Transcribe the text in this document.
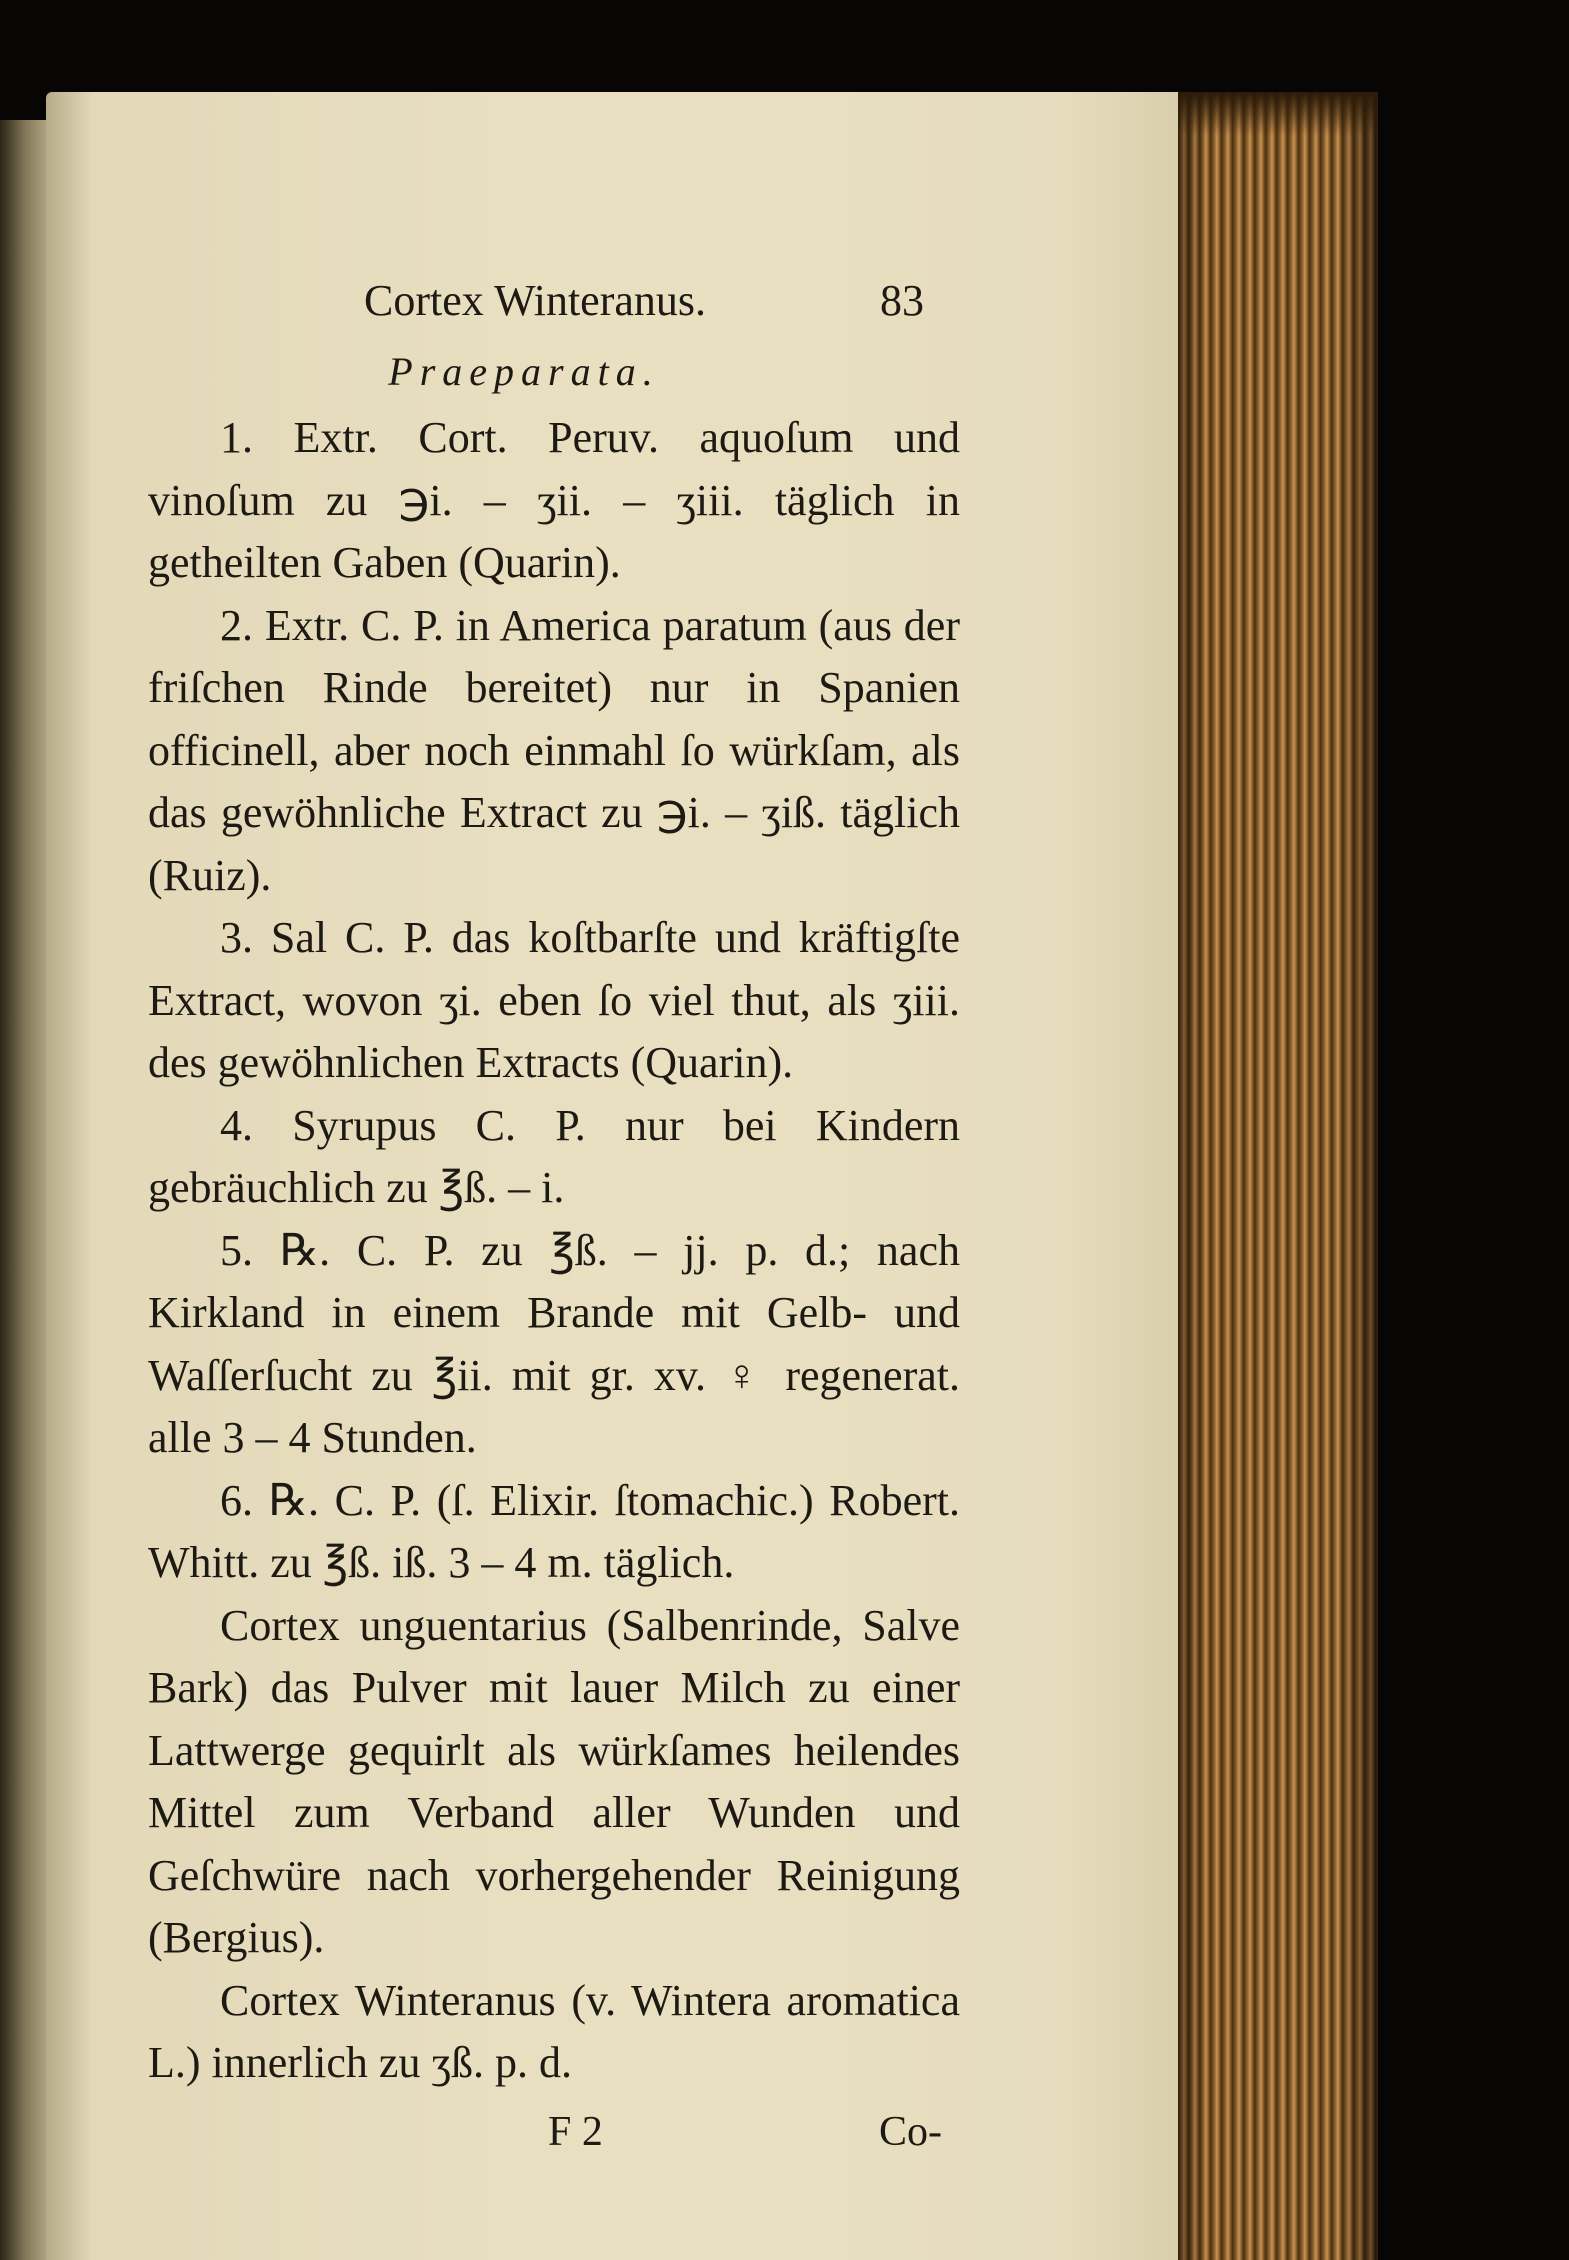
Cortex Winteranus.	83
Praeparata.

1. Extr. Cort. Peruv. aquoſum und vinoſum zu ℈i. – ʒii. – ʒiii. täglich in getheilten Gaben (Quarin).

2. Extr. C. P. in America paratum (aus der friſchen Rinde bereitet) nur in Spanien officinell, aber noch einmahl ſo würkſam, als das gewöhnliche Extract zu ℈i. – ʒiß. täglich (Ruiz).

3. Sal C. P. das koſtbarſte und kräftigſte Extract, wovon ʒi. eben ſo viel thut, als ʒiii. des gewöhnlichen Extracts (Quarin).

4. Syrupus C. P. nur bei Kindern gebräuchlich zu ℥ß. – i.

5. ℞. C. P. zu ℥ß. – jj. p. d.; nach Kirkland in einem Brande mit Gelb- und Waſſerſucht zu ℥ii. mit gr. xv. ♀ regenerat. alle 3 – 4 Stunden.

6. ℞. C. P. (ſ. Elixir. ſtomachic.) Robert. Whitt. zu ℥ß. iß. 3 – 4 m. täglich.

Cortex unguentarius (Salbenrinde, Salve Bark) das Pulver mit lauer Milch zu einer Lattwerge gequirlt als würkſames heilendes Mittel zum Verband aller Wunden und Geſchwüre nach vorhergehender Reinigung (Bergius).

Cortex Winteranus (v. Wintera aromatica L.) innerlich zu ʒß. p. d.

F 2	Co-
